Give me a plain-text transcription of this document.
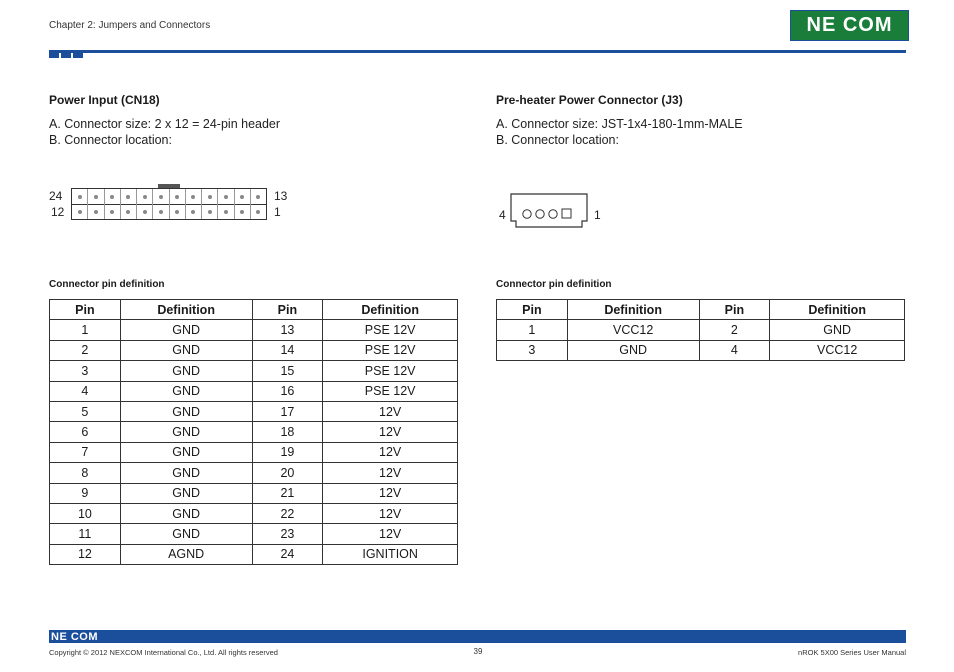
Chapter 2: Jumpers and Connectors	NE COM
Power Input (CN18)
A. Connector size: 2 x 12 = 24-pin header
B. Connector location:
24
12
13
1
Connector pin definition
Pin	Definition	Pin	Definition
1	GND	13	PSE 12V
2	GND	14	PSE 12V
3	GND	15	PSE 12V
4	GND	16	PSE 12V
5	GND	17	12V
6	GND	18	12V
7	GND	19	12V
8	GND	20	12V
9	GND	21	12V
10	GND	22	12V
11	GND	23	12V
12	AGND	24	IGNITION
Pre-heater Power Connector (J3)
A. Connector size: JST-1x4-180-1mm-MALE
B. Connector location:
4	1
Connector pin definition
Pin	Definition	Pin	Definition
1	VCC12	2	GND
3	GND	4	VCC12
NE COM
Copyright © 2012 NEXCOM International Co., Ltd. All rights reserved	39	nROK 5X00 Series User Manual
